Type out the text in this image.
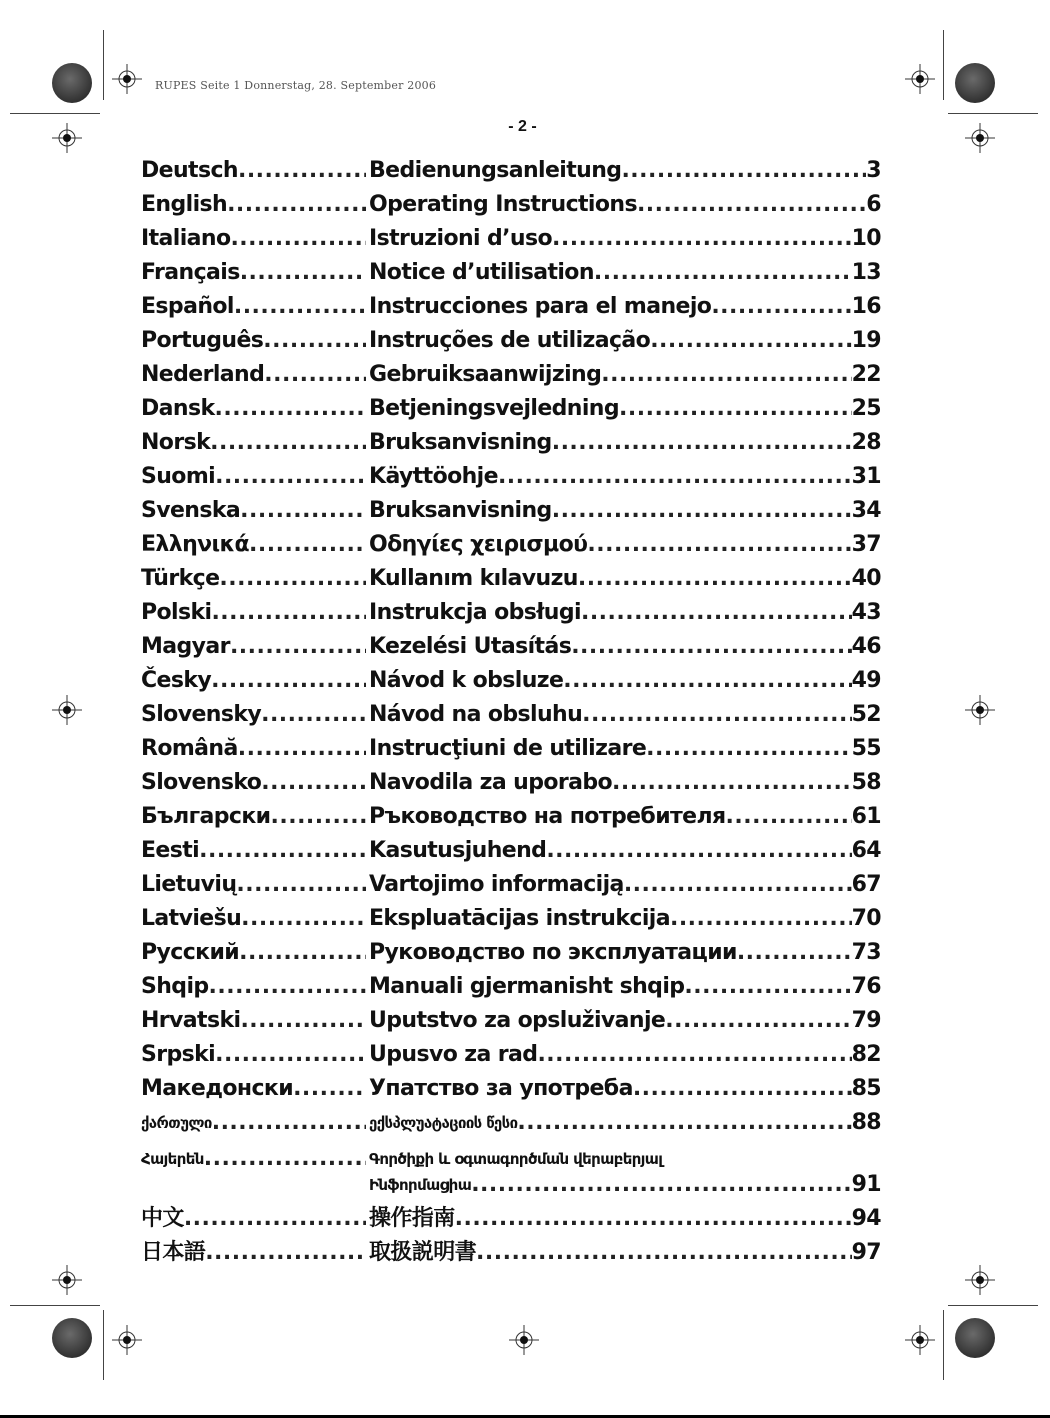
RUPES Seite 1 Donnerstag, 28. September 2006
- 2 -
Deutsch .....	Bedienungsanleitung .....	3
English .....	Operating Instructions .....	6
Italiano .....	Istruzioni d’uso .....	10
Français .....	Notice d’utilisation .....	13
Español .....	Instrucciones para el manejo .....	16
Português .....	Instruções de utilização .....	19
Nederland .....	Gebruiksaanwijzing .....	22
Dansk .....	Betjeningsvejledning .....	25
Norsk .....	Bruksanvisning .....	28
Suomi .....	Käyttöohje .....	31
Svenska .....	Bruksanvisning .....	34
Ελληνικά .....	Οδηγίες χειρισμού .....	37
Türkçe .....	Kullanım kılavuzu .....	40
Polski .....	Instrukcja obsługi .....	43
Magyar .....	Kezelési Utasítás .....	46
Česky .....	Návod k obsluze .....	49
Slovensky .....	Návod na obsluhu .....	52
Română .....	Instrucţiuni de utilizare .....	55
Slovensko .....	Navodila za uporabo .....	58
Български .....	Ръководство на потребителя .....	61
Eesti .....	Kasutusjuhend .....	64
Lietuvių .....	Vartojimo informaciją .....	67
Latviešu .....	Ekspluatācijas instrukcija .....	70
Русский .....	Руководство по эксплуатации .....	73
Shqip .....	Manuali gjermanisht shqip .....	76
Hrvatski .....	Uputstvo za opsluživanje .....	79
Srpski .....	Upusvo za rad .....	82
Македонски .....	Упатство за употреба .....	85
ქართული .....	ექსპლუატაციის წესი .....	88
Հայերեն .....	Գործիքի և օգտագործման վերաբերյալ
Ինֆորմացիա .....	91
中文 .....	操作指南 .....	94
日本語 .....	取扱説明書 .....	97
